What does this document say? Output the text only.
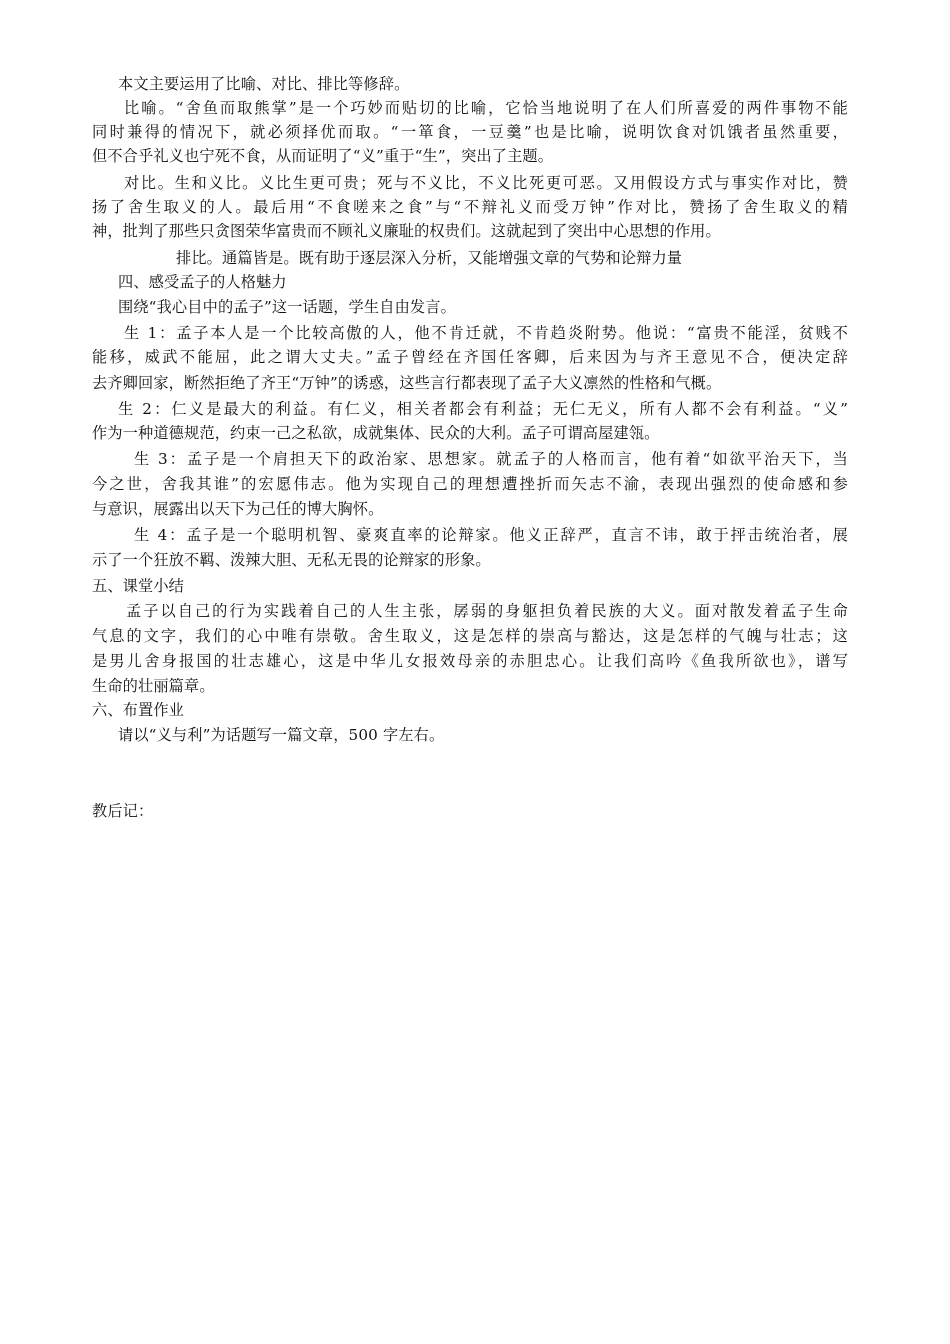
本文主要运用了比喻、对比、排比等修辞。
比喻。“舍鱼而取熊掌”是一个巧妙而贴切的比喻，它恰当地说明了在人们所喜爱的两件事物不能
同时兼得的情况下，就必须择优而取。“一箪食，一豆羹”也是比喻，说明饮食对饥饿者虽然重要，
但不合乎礼义也宁死不食，从而证明了“义”重于“生”，突出了主题。
对比。生和义比。义比生更可贵；死与不义比，不义比死更可恶。又用假设方式与事实作对比，赞
扬了舍生取义的人。最后用“不食嗟来之食”与“不辩礼义而受万钟”作对比，赞扬了舍生取义的精
神，批判了那些只贪图荣华富贵而不顾礼义廉耻的权贵们。这就起到了突出中心思想的作用。
排比。通篇皆是。既有助于逐层深入分析，又能增强文章的气势和论辩力量
四、感受孟子的人格魅力
围绕“我心目中的孟子”这一话题，学生自由发言。
生 1：孟子本人是一个比较高傲的人，他不肯迁就，不肯趋炎附势。他说：“富贵不能淫，贫贱不
能移，威武不能屈，此之谓大丈夫。”孟子曾经在齐国任客卿，后来因为与齐王意见不合，便决定辞
去齐卿回家，断然拒绝了齐王“万钟”的诱惑，这些言行都表现了孟子大义凛然的性格和气概。
生 2：仁义是最大的利益。有仁义，相关者都会有利益；无仁无义，所有人都不会有利益。“义”
作为一种道德规范，约束一己之私欲，成就集体、民众的大利。孟子可谓高屋建瓴。
生 3：孟子是一个肩担天下的政治家、思想家。就孟子的人格而言，他有着“如欲平治天下，当
今之世，舍我其谁”的宏愿伟志。他为实现自己的理想遭挫折而矢志不渝，表现出强烈的使命感和参
与意识，展露出以天下为己任的博大胸怀。
生 4：孟子是一个聪明机智、豪爽直率的论辩家。他义正辞严，直言不讳，敢于抨击统治者，展
示了一个狂放不羁、泼辣大胆、无私无畏的论辩家的形象。
五、课堂小结
孟子以自己的行为实践着自己的人生主张，孱弱的身躯担负着民族的大义。面对散发着孟子生命
气息的文字，我们的心中唯有崇敬。舍生取义，这是怎样的崇高与豁达，这是怎样的气魄与壮志；这
是男儿舍身报国的壮志雄心，这是中华儿女报效母亲的赤胆忠心。让我们高吟《鱼我所欲也》，谱写
生命的壮丽篇章。
六、布置作业
请以“义与利”为话题写一篇文章，500 字左右。
教后记：
